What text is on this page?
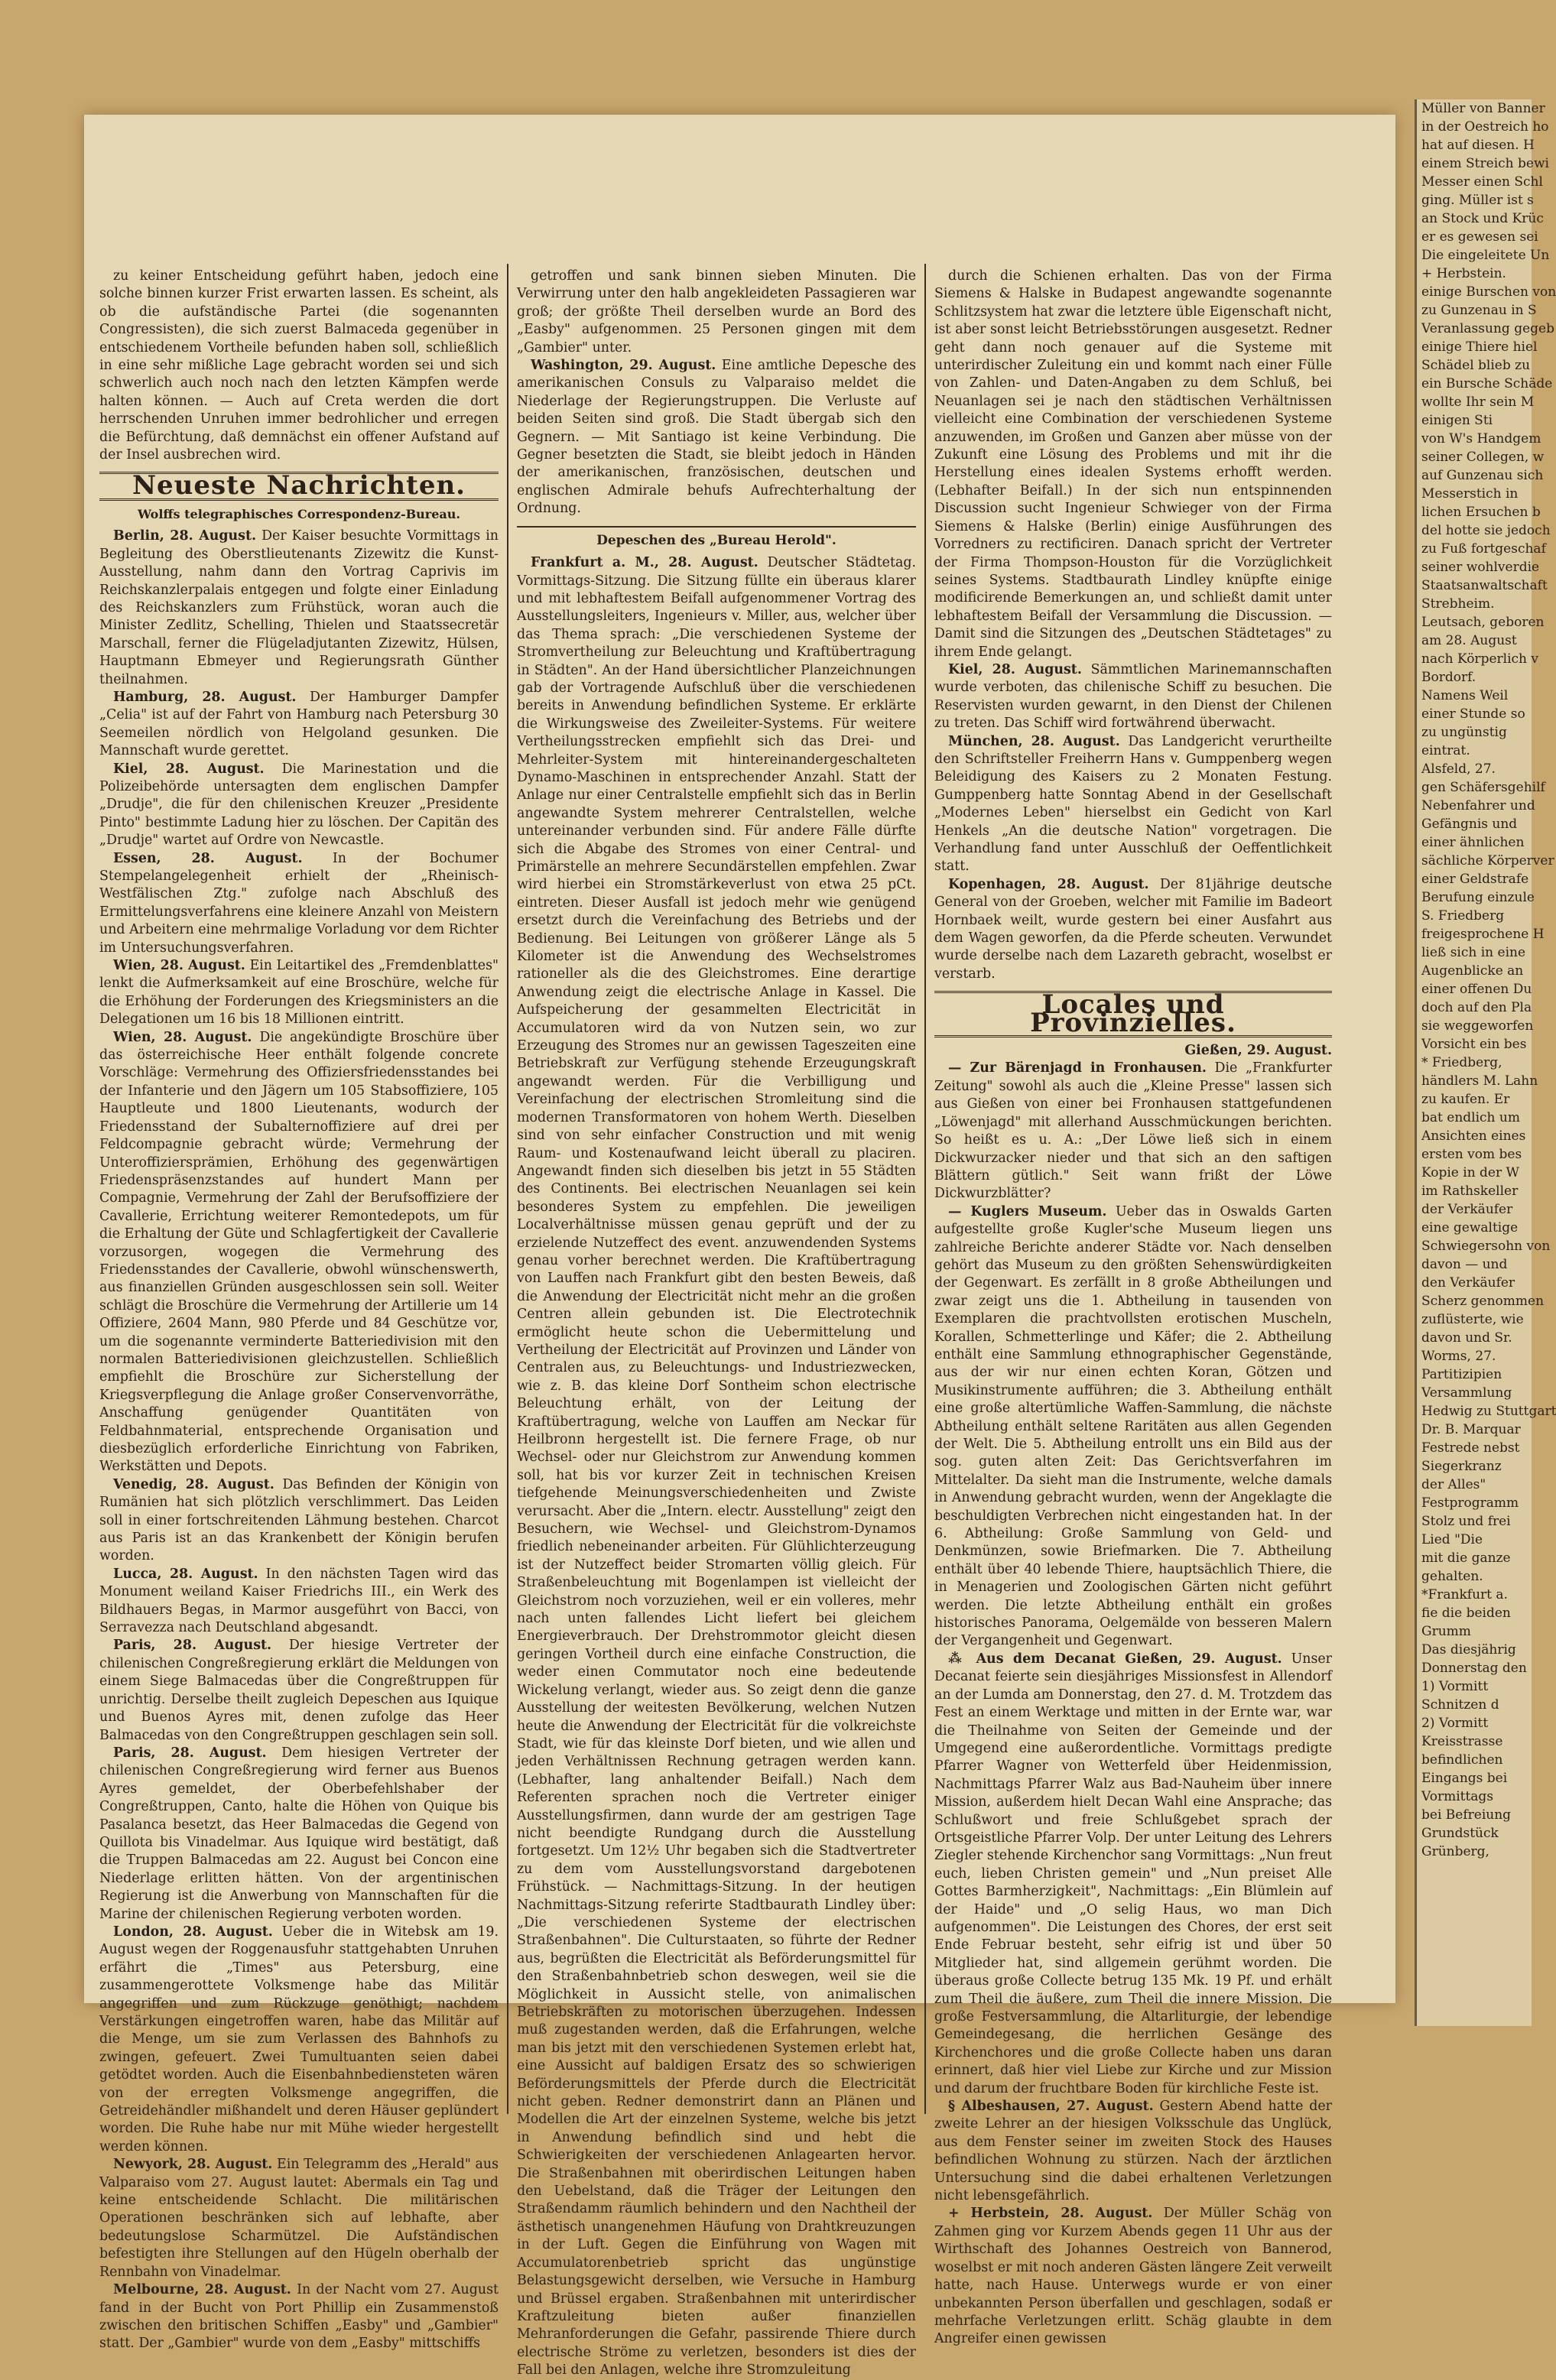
zu keiner Entscheidung geführt haben, jedoch eine solche binnen kurzer Frist erwarten lassen. Es scheint, als ob die aufständische Partei (die sogenannten Congressisten), die sich zuerst Balmaceda gegenüber in entschiedenem Vortheile befunden haben soll, schließlich in eine sehr mißliche Lage gebracht worden sei und sich schwerlich auch noch nach den letzten Kämpfen werde halten können. — Auch auf Creta werden die dort herrschenden Unruhen immer bedrohlicher und erregen die Befürchtung, daß demnächst ein offener Aufstand auf der Insel ausbrechen wird.

Neueste Nachrichten.
Wolffs telegraphisches Correspondenz-Bureau.

Berlin, 28. August. Der Kaiser besuchte Vormittags in Begleitung des Oberstlieutenants Zizewitz die Kunst-Ausstellung, nahm dann den Vortrag Caprivis im Reichskanzlerpalais entgegen und folgte einer Einladung des Reichskanzlers zum Frühstück, woran auch die Minister Zedlitz, Schelling, Thielen und Staatssecretär Marschall, ferner die Flügeladjutanten Zizewitz, Hülsen, Hauptmann Ebmeyer und Regierungsrath Günther theilnahmen.

Hamburg, 28. August. Der Hamburger Dampfer „Celia" ist auf der Fahrt von Hamburg nach Petersburg 30 Seemeilen nördlich von Helgoland gesunken. Die Mannschaft wurde gerettet.

Kiel, 28. August. Die Marinestation und die Polizeibehörde untersagten dem englischen Dampfer „Drudje", die für den chilenischen Kreuzer „Presidente Pinto" bestimmte Ladung hier zu löschen. Der Capitän des „Drudje" wartet auf Ordre von Newcastle.

Essen, 28. August. In der Bochumer Stempelangelegenheit erhielt der „Rheinisch-Westfälischen Ztg." zufolge nach Abschluß des Ermittelungsverfahrens eine kleinere Anzahl von Meistern und Arbeitern eine mehrmalige Vorladung vor dem Richter im Untersuchungsverfahren.

Wien, 28. August. Ein Leitartikel des „Fremdenblattes" lenkt die Aufmerksamkeit auf eine Broschüre, welche für die Erhöhung der Forderungen des Kriegsministers an die Delegationen um 16 bis 18 Millionen eintritt.

Wien, 28. August. Die angekündigte Broschüre über das österreichische Heer enthält folgende concrete Vorschläge: Vermehrung des Offiziersfriedensstandes bei der Infanterie und den Jägern um 105 Stabsoffiziere, 105 Hauptleute und 1800 Lieutenants, wodurch der Friedensstand der Subalternoffiziere auf drei per Feldcompagnie gebracht würde; Vermehrung der Unteroffiziersprämien, Erhöhung des gegenwärtigen Friedenspräsenzstandes auf hundert Mann per Compagnie, Vermehrung der Zahl der Berufsoffiziere der Cavallerie, Errichtung weiterer Remontedepots, um für die Erhaltung der Güte und Schlagfertigkeit der Cavallerie vorzusorgen, wogegen die Vermehrung des Friedensstandes der Cavallerie, obwohl wünschenswerth, aus finanziellen Gründen ausgeschlossen sein soll. Weiter schlägt die Broschüre die Vermehrung der Artillerie um 14 Offiziere, 2604 Mann, 980 Pferde und 84 Geschütze vor, um die sogenannte verminderte Batteriedivision mit den normalen Batteriedivisionen gleichzustellen. Schließlich empfiehlt die Broschüre zur Sicherstellung der Kriegsverpflegung die Anlage großer Conservenvorräthe, Anschaffung genügender Quantitäten von Feldbahnmaterial, entsprechende Organisation und diesbezüglich erforderliche Einrichtung von Fabriken, Werkstätten und Depots.

Venedig, 28. August. Das Befinden der Königin von Rumänien hat sich plötzlich verschlimmert. Das Leiden soll in einer fortschreitenden Lähmung bestehen. Charcot aus Paris ist an das Krankenbett der Königin berufen worden.

Lucca, 28. August. In den nächsten Tagen wird das Monument weiland Kaiser Friedrichs III., ein Werk des Bildhauers Begas, in Marmor ausgeführt von Bacci, von Serravezza nach Deutschland abgesandt.

Paris, 28. August. Der hiesige Vertreter der chilenischen Congreßregierung erklärt die Meldungen von einem Siege Balmacedas über die Congreßtruppen für unrichtig. Derselbe theilt zugleich Depeschen aus Iquique und Buenos Ayres mit, denen zufolge das Heer Balmacedas von den Congreßtruppen geschlagen sein soll.

Paris, 28. August. Dem hiesigen Vertreter der chilenischen Congreßregierung wird ferner aus Buenos Ayres gemeldet, der Oberbefehlshaber der Congreßtruppen, Canto, halte die Höhen von Quique bis Pasalanca besetzt, das Heer Balmacedas die Gegend von Quillota bis Vinadelmar. Aus Iquique wird bestätigt, daß die Truppen Balmacedas am 22. August bei Concon eine Niederlage erlitten hätten. Von der argentinischen Regierung ist die Anwerbung von Mannschaften für die Marine der chilenischen Regierung verboten worden.

London, 28. August. Ueber die in Witebsk am 19. August wegen der Roggenausfuhr stattgehabten Unruhen erfährt die „Times" aus Petersburg, eine zusammengerottete Volksmenge habe das Militär angegriffen und zum Rückzuge genöthigt; nachdem Verstärkungen eingetroffen waren, habe das Militär auf die Menge, um sie zum Verlassen des Bahnhofs zu zwingen, gefeuert. Zwei Tumultuanten seien dabei getödtet worden. Auch die Eisenbahnbediensteten wären von der erregten Volksmenge angegriffen, die Getreidehändler mißhandelt und deren Häuser geplündert worden. Die Ruhe habe nur mit Mühe wieder hergestellt werden können.

Newyork, 28. August. Ein Telegramm des „Herald" aus Valparaiso vom 27. August lautet: Abermals ein Tag und keine entscheidende Schlacht. Die militärischen Operationen beschränken sich auf lebhafte, aber bedeutungslose Scharmützel. Die Aufständischen befestigten ihre Stellungen auf den Hügeln oberhalb der Rennbahn von Vinadelmar.

Melbourne, 28. August. In der Nacht vom 27. August fand in der Bucht von Port Phillip ein Zusammenstoß zwischen den britischen Schiffen „Easby" und „Gambier" statt. Der „Gambier" wurde von dem „Easby" mittschiffs

getroffen und sank binnen sieben Minuten. Die Verwirrung unter den halb angekleideten Passagieren war groß; der größte Theil derselben wurde an Bord des „Easby" aufgenommen. 25 Personen gingen mit dem „Gambier" unter.

Washington, 29. August. Eine amtliche Depesche des amerikanischen Consuls zu Valparaiso meldet die Niederlage der Regierungstruppen. Die Verluste auf beiden Seiten sind groß. Die Stadt übergab sich den Gegnern. — Mit Santiago ist keine Verbindung. Die Gegner besetzten die Stadt, sie bleibt jedoch in Händen der amerikanischen, französischen, deutschen und englischen Admirale behufs Aufrechterhaltung der Ordnung.

Depeschen des „Bureau Herold".

Frankfurt a. M., 28. August. Deutscher Städtetag. Vormittags-Sitzung. Die Sitzung füllte ein überaus klarer und mit lebhaftestem Beifall aufgenommener Vortrag des Ausstellungsleiters, Ingenieurs v. Miller, aus, welcher über das Thema sprach: „Die verschiedenen Systeme der Stromvertheilung zur Beleuchtung und Kraftübertragung in Städten". An der Hand übersichtlicher Planzeichnungen gab der Vortragende Aufschluß über die verschiedenen bereits in Anwendung befindlichen Systeme. Er erklärte die Wirkungsweise des Zweileiter-Systems. Für weitere Vertheilungsstrecken empfiehlt sich das Drei- und Mehrleiter-System mit hintereinandergeschalteten Dynamo-Maschinen in entsprechender Anzahl. Statt der Anlage nur einer Centralstelle empfiehlt sich das in Berlin angewandte System mehrerer Centralstellen, welche untereinander verbunden sind. Für andere Fälle dürfte sich die Abgabe des Stromes von einer Central- und Primärstelle an mehrere Secundärstellen empfehlen. Zwar wird hierbei ein Stromstärkeverlust von etwa 25 pCt. eintreten. Dieser Ausfall ist jedoch mehr wie genügend ersetzt durch die Vereinfachung des Betriebs und der Bedienung. Bei Leitungen von größerer Länge als 5 Kilometer ist die Anwendung des Wechselstromes rationeller als die des Gleichstromes. Eine derartige Anwendung zeigt die electrische Anlage in Kassel. Die Aufspeicherung der gesammelten Electricität in Accumulatoren wird da von Nutzen sein, wo zur Erzeugung des Stromes nur an gewissen Tageszeiten eine Betriebskraft zur Verfügung stehende Erzeugungskraft angewandt werden. Für die Verbilligung und Vereinfachung der electrischen Stromleitung sind die modernen Transformatoren von hohem Werth. Dieselben sind von sehr einfacher Construction und mit wenig Raum- und Kostenaufwand leicht überall zu placiren. Angewandt finden sich dieselben bis jetzt in 55 Städten des Continents. Bei electrischen Neuanlagen sei kein besonderes System zu empfehlen. Die jeweiligen Localverhältnisse müssen genau geprüft und der zu erzielende Nutzeffect des event. anzuwendenden Systems genau vorher berechnet werden. Die Kraftübertragung von Lauffen nach Frankfurt gibt den besten Beweis, daß die Anwendung der Electricität nicht mehr an die großen Centren allein gebunden ist. Die Electrotechnik ermöglicht heute schon die Uebermittelung und Vertheilung der Electricität auf Provinzen und Länder von Centralen aus, zu Beleuchtungs- und Industriezwecken, wie z. B. das kleine Dorf Sontheim schon electrische Beleuchtung erhält, von der Leitung der Kraftübertragung, welche von Lauffen am Neckar für Heilbronn hergestellt ist. Die fernere Frage, ob nur Wechsel- oder nur Gleichstrom zur Anwendung kommen soll, hat bis vor kurzer Zeit in technischen Kreisen tiefgehende Meinungsverschiedenheiten und Zwiste verursacht. Aber die „Intern. electr. Ausstellung" zeigt den Besuchern, wie Wechsel- und Gleichstrom-Dynamos friedlich nebeneinander arbeiten. Für Glühlichterzeugung ist der Nutzeffect beider Stromarten völlig gleich. Für Straßenbeleuchtung mit Bogenlampen ist vielleicht der Gleichstrom noch vorzuziehen, weil er ein volleres, mehr nach unten fallendes Licht liefert bei gleichem Energieverbrauch. Der Drehstrommotor gleicht diesen geringen Vortheil durch eine einfache Construction, die weder einen Commutator noch eine bedeutende Wickelung verlangt, wieder aus. So zeigt denn die ganze Ausstellung der weitesten Bevölkerung, welchen Nutzen heute die Anwendung der Electricität für die volkreichste Stadt, wie für das kleinste Dorf bieten, und wie allen und jeden Verhältnissen Rechnung getragen werden kann. (Lebhafter, lang anhaltender Beifall.) Nach dem Referenten sprachen noch die Vertreter einiger Ausstellungsfirmen, dann wurde der am gestrigen Tage nicht beendigte Rundgang durch die Ausstellung fortgesetzt. Um 12½ Uhr begaben sich die Stadtvertreter zu dem vom Ausstellungsvorstand dargebotenen Frühstück. — Nachmittags-Sitzung. In der heutigen Nachmittags-Sitzung referirte Stadtbaurath Lindley über: „Die verschiedenen Systeme der electrischen Straßenbahnen". Die Culturstaaten, so führte der Redner aus, begrüßten die Electricität als Beförderungsmittel für den Straßenbahnbetrieb schon deswegen, weil sie die Möglichkeit in Aussicht stelle, von animalischen Betriebskräften zu motorischen überzugehen. Indessen muß zugestanden werden, daß die Erfahrungen, welche man bis jetzt mit den verschiedenen Systemen erlebt hat, eine Aussicht auf baldigen Ersatz des so schwierigen Beförderungsmittels der Pferde durch die Electricität nicht geben. Redner demonstrirt dann an Plänen und Modellen die Art der einzelnen Systeme, welche bis jetzt in Anwendung befindlich sind und hebt die Schwierigkeiten der verschiedenen Anlagearten hervor. Die Straßenbahnen mit oberirdischen Leitungen haben den Uebelstand, daß die Träger der Leitungen den Straßendamm räumlich behindern und den Nachtheil der ästhetisch unangenehmen Häufung von Drahtkreuzungen in der Luft. Gegen die Einführung von Wagen mit Accumulatorenbetrieb spricht das ungünstige Belastungsgewicht derselben, wie Versuche in Hamburg und Brüssel ergaben. Straßenbahnen mit unterirdischer Kraftzuleitung bieten außer finanziellen Mehranforderungen die Gefahr, passirende Thiere durch electrische Ströme zu verletzen, besonders ist dies der Fall bei den Anlagen, welche ihre Stromzuleitung

durch die Schienen erhalten. Das von der Firma Siemens & Halske in Budapest angewandte sogenannte Schlitzsystem hat zwar die letztere üble Eigenschaft nicht, ist aber sonst leicht Betriebsstörungen ausgesetzt. Redner geht dann noch genauer auf die Systeme mit unterirdischer Zuleitung ein und kommt nach einer Fülle von Zahlen- und Daten-Angaben zu dem Schluß, bei Neuanlagen sei je nach den städtischen Verhältnissen vielleicht eine Combination der verschiedenen Systeme anzuwenden, im Großen und Ganzen aber müsse von der Zukunft eine Lösung des Problems und mit ihr die Herstellung eines idealen Systems erhofft werden. (Lebhafter Beifall.) In der sich nun entspinnenden Discussion sucht Ingenieur Schwieger von der Firma Siemens & Halske (Berlin) einige Ausführungen des Vorredners zu rectificiren. Danach spricht der Vertreter der Firma Thompson-Houston für die Vorzüglichkeit seines Systems. Stadtbaurath Lindley knüpfte einige modificirende Bemerkungen an, und schließt damit unter lebhaftestem Beifall der Versammlung die Discussion. — Damit sind die Sitzungen des „Deutschen Städtetages" zu ihrem Ende gelangt.

Kiel, 28. August. Sämmtlichen Marinemannschaften wurde verboten, das chilenische Schiff zu besuchen. Die Reservisten wurden gewarnt, in den Dienst der Chilenen zu treten. Das Schiff wird fortwährend überwacht.

München, 28. August. Das Landgericht verurtheilte den Schriftsteller Freiherrn Hans v. Gumppenberg wegen Beleidigung des Kaisers zu 2 Monaten Festung. Gumppenberg hatte Sonntag Abend in der Gesellschaft „Modernes Leben" hierselbst ein Gedicht von Karl Henkels „An die deutsche Nation" vorgetragen. Die Verhandlung fand unter Ausschluß der Oeffentlichkeit statt.

Kopenhagen, 28. August. Der 81jährige deutsche General von der Groeben, welcher mit Familie im Badeort Hornbaek weilt, wurde gestern bei einer Ausfahrt aus dem Wagen geworfen, da die Pferde scheuten. Verwundet wurde derselbe nach dem Lazareth gebracht, woselbst er verstarb.

Locales und Provinzielles.

Gießen, 29. August.

— Zur Bärenjagd in Fronhausen. Die „Frankfurter Zeitung" sowohl als auch die „Kleine Presse" lassen sich aus Gießen von einer bei Fronhausen stattgefundenen „Löwenjagd" mit allerhand Ausschmückungen berichten. So heißt es u. A.: „Der Löwe ließ sich in einem Dickwurzacker nieder und that sich an den saftigen Blättern gütlich." Seit wann frißt der Löwe Dickwurzblätter?

— Kuglers Museum. Ueber das in Oswalds Garten aufgestellte große Kugler'sche Museum liegen uns zahlreiche Berichte anderer Städte vor. Nach denselben gehört das Museum zu den größten Sehenswürdigkeiten der Gegenwart. Es zerfällt in 8 große Abtheilungen und zwar zeigt uns die 1. Abtheilung in tausenden von Exemplaren die prachtvollsten erotischen Muscheln, Korallen, Schmetterlinge und Käfer; die 2. Abtheilung enthält eine Sammlung ethnographischer Gegenstände, aus der wir nur einen echten Koran, Götzen und Musikinstrumente aufführen; die 3. Abtheilung enthält eine große altertümliche Waffen-Sammlung, die nächste Abtheilung enthält seltene Raritäten aus allen Gegenden der Welt. Die 5. Abtheilung entrollt uns ein Bild aus der sog. guten alten Zeit: Das Gerichtsverfahren im Mittelalter. Da sieht man die Instrumente, welche damals in Anwendung gebracht wurden, wenn der Angeklagte die beschuldigten Verbrechen nicht eingestanden hat. In der 6. Abtheilung: Große Sammlung von Geld- und Denkmünzen, sowie Briefmarken. Die 7. Abtheilung enthält über 40 lebende Thiere, hauptsächlich Thiere, die in Menagerien und Zoologischen Gärten nicht geführt werden. Die letzte Abtheilung enthält ein großes historisches Panorama, Oelgemälde von besseren Malern der Vergangenheit und Gegenwart.

⁂ Aus dem Decanat Gießen, 29. August. Unser Decanat feierte sein diesjähriges Missionsfest in Allendorf an der Lumda am Donnerstag, den 27. d. M. Trotzdem das Fest an einem Werktage und mitten in der Ernte war, war die Theilnahme von Seiten der Gemeinde und der Umgegend eine außerordentliche. Vormittags predigte Pfarrer Wagner von Wetterfeld über Heidenmission, Nachmittags Pfarrer Walz aus Bad-Nauheim über innere Mission, außerdem hielt Decan Wahl eine Ansprache; das Schlußwort und freie Schlußgebet sprach der Ortsgeistliche Pfarrer Volp. Der unter Leitung des Lehrers Ziegler stehende Kirchenchor sang Vormittags: „Nun freut euch, lieben Christen gemein" und „Nun preiset Alle Gottes Barmherzigkeit", Nachmittags: „Ein Blümlein auf der Haide" und „O selig Haus, wo man Dich aufgenommen". Die Leistungen des Chores, der erst seit Ende Februar besteht, sehr eifrig ist und über 50 Mitglieder hat, sind allgemein gerühmt worden. Die überaus große Collecte betrug 135 Mk. 19 Pf. und erhält zum Theil die äußere, zum Theil die innere Mission. Die große Festversammlung, die Altarliturgie, der lebendige Gemeindegesang, die herrlichen Gesänge des Kirchenchores und die große Collecte haben uns daran erinnert, daß hier viel Liebe zur Kirche und zur Mission und darum der fruchtbare Boden für kirchliche Feste ist.

§ Albeshausen, 27. August. Gestern Abend hatte der zweite Lehrer an der hiesigen Volksschule das Unglück, aus dem Fenster seiner im zweiten Stock des Hauses befindlichen Wohnung zu stürzen. Nach der ärztlichen Untersuchung sind die dabei erhaltenen Verletzungen nicht lebensgefährlich.

+ Herbstein, 28. August. Der Müller Schäg von Zahmen ging vor Kurzem Abends gegen 11 Uhr aus der Wirthschaft des Johannes Oestreich von Bannerod, woselbst er mit noch anderen Gästen längere Zeit verweilt hatte, nach Hause. Unterwegs wurde er von einer unbekannten Person überfallen und geschlagen, sodaß er mehrfache Verletzungen erlitt. Schäg glaubte in dem Angreifer einen gewissen

Müller von Banner

in der Oestreich ho

hat auf diesen. H

einem Streich bewi

Messer einen Schl

ging. Müller ist s

an Stock und Krüc

er es gewesen sei

Die eingeleitete Un

+ Herbstein.

einige Burschen von

zu Gunzenau in S

Veranlassung gegeb

einige Thiere hiel

Schädel blieb zu

ein Bursche Schäde

wollte Ihr sein M

einigen Sti

von W's Handgem

seiner Collegen, w

auf Gunzenau sich

Messerstich in

lichen Ersuchen b

del hotte sie jedoch

zu Fuß fortgeschaf

seiner wohlverdie

Staatsanwaltschaft

Strebheim.

Leutsach, geboren

am 28. August

nach Körperlich v

Bordorf.

Namens Weil

einer Stunde so

zu ungünstig

eintrat.

Alsfeld, 27.

gen Schäfersgehilf

Nebenfahrer und

Gefängnis und

einer ähnlichen

sächliche Körperver

einer Geldstrafe

Berufung einzule

S. Friedberg

freigesprochene H

ließ sich in eine

Augenblicke an

einer offenen Du

doch auf den Pla

sie weggeworfen

Vorsicht ein bes

* Friedberg,

händlers M. Lahn

zu kaufen. Er

bat endlich um

Ansichten eines

ersten vom bes

Kopie in der W

im Rathskeller

der Verkäufer

eine gewaltige

Schwiegersohn von

davon — und

den Verkäufer

Scherz genommen

zuflüsterte, wie

davon und Sr.

Worms, 27.

Partitizipien

Versammlung

Hedwig zu Stuttgart

Dr. B. Marquar

Festrede nebst

Siegerkranz

der Alles"

Festprogramm

Stolz und frei

Lied "Die

mit die ganze

gehalten.

*Frankfurt a.

fie die beiden

Grumm

Das diesjährig

Donnerstag den

1) Vormitt

Schnitzen d

2) Vormitt

Kreisstrasse

befindlichen

Eingangs bei

Vormittags

bei Befreiung

Grundstück

Grünberg,
